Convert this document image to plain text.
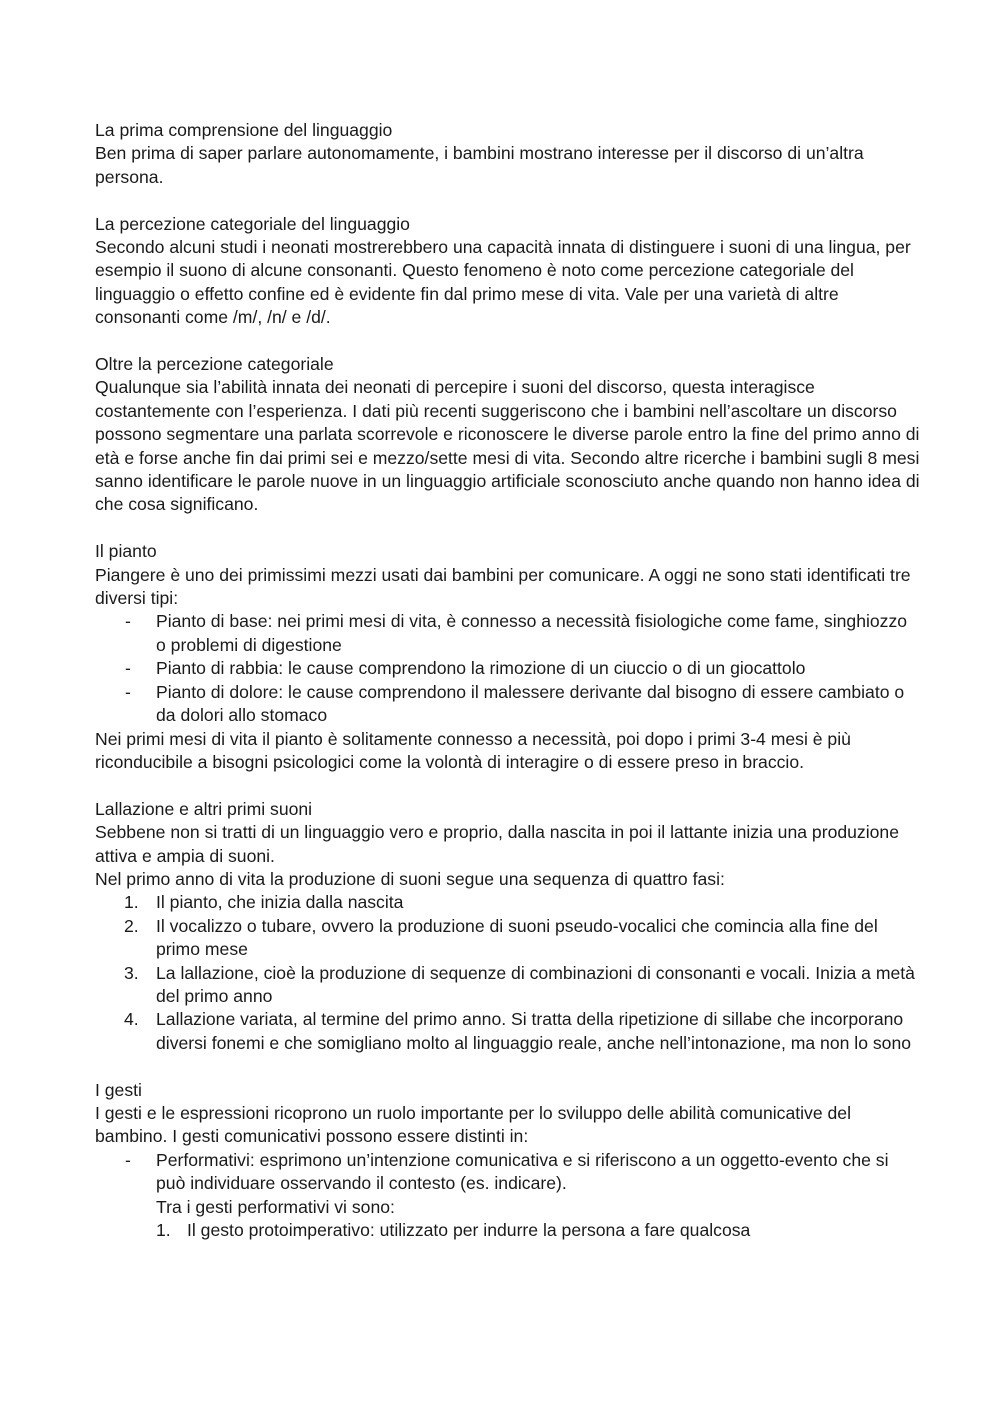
La prima comprensione del linguaggio

Ben prima di saper parlare autonomamente, i bambini mostrano interesse per il discorso di un’altra persona.

La percezione categoriale del linguaggio

Secondo alcuni studi i neonati mostrerebbero una capacità innata di distinguere i suoni di una lingua, per esempio il suono di alcune consonanti. Questo fenomeno è noto come percezione categoriale del linguaggio o effetto confine ed è evidente fin dal primo mese di vita. Vale per una varietà di altre consonanti come /m/, /n/ e /d/.

Oltre la percezione categoriale

Qualunque sia l’abilità innata dei neonati di percepire i suoni del discorso, questa interagisce costantemente con l’esperienza. I dati più recenti suggeriscono che i bambini nell’ascoltare un discorso possono segmentare una parlata scorrevole e riconoscere le diverse parole entro la fine del primo anno di età e forse anche fin dai primi sei e mezzo/sette mesi di vita. Secondo altre ricerche i bambini sugli 8 mesi sanno identificare le parole nuove in un linguaggio artificiale sconosciuto anche quando non hanno idea di che cosa significano.

Il pianto

Piangere è uno dei primissimi mezzi usati dai bambini per comunicare. A oggi ne sono stati identificati tre diversi tipi:

-	Pianto di base: nei primi mesi di vita, è connesso a necessità fisiologiche come fame, singhiozzo o problemi di digestione
-	Pianto di rabbia: le cause comprendono la rimozione di un ciuccio o di un giocattolo
-	Pianto di dolore: le cause comprendono il malessere derivante dal bisogno di essere cambiato o da dolori allo stomaco

Nei primi mesi di vita il pianto è solitamente connesso a necessità, poi dopo i primi 3-4 mesi è più riconducibile a bisogni psicologici come la volontà di interagire o di essere preso in braccio.

Lallazione e altri primi suoni

Sebbene non si tratti di un linguaggio vero e proprio, dalla nascita in poi il lattante inizia una produzione attiva e ampia di suoni.

Nel primo anno di vita la produzione di suoni segue una sequenza di quattro fasi:

1. Il pianto, che inizia dalla nascita
2. Il vocalizzo o tubare, ovvero la produzione di suoni pseudo-vocalici che comincia alla fine del primo mese
3. La lallazione, cioè la produzione di sequenze di combinazioni di consonanti e vocali. Inizia a metà del primo anno
4. Lallazione variata, al termine del primo anno. Si tratta della ripetizione di sillabe che incorporano diversi fonemi e che somigliano molto al linguaggio reale, anche nell’intonazione, ma non lo sono

I gesti

I gesti e le espressioni ricoprono un ruolo importante per lo sviluppo delle abilità comunicative del bambino. I gesti comunicativi possono essere distinti in:

-	Performativi: esprimono un’intenzione comunicativa e si riferiscono a un oggetto-evento che si può individuare osservando il contesto (es. indicare).

Tra i gesti performativi vi sono:

1. Il gesto protoimperativo: utilizzato per indurre la persona a fare qualcosa
